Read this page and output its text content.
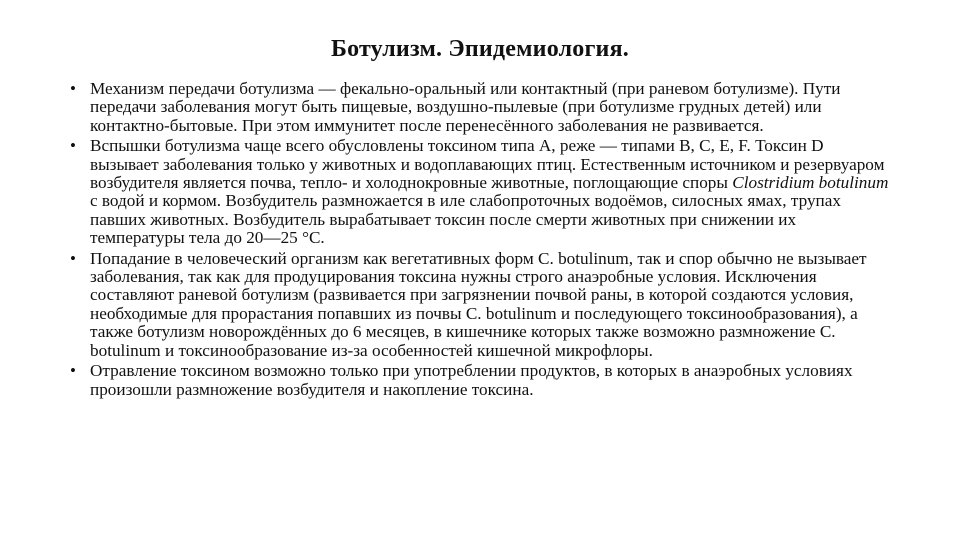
Ботулизм. Эпидемиология.
• Механизм передачи ботулизма — фекально-оральный или контактный (при раневом ботулизме). Пути передачи заболевания могут быть пищевые, воздушно-пылевые (при ботулизме грудных детей) или контактно-бытовые. При этом иммунитет после перенесённого заболевания не развивается.
• Вспышки ботулизма чаще всего обусловлены токсином типа А, реже — типами В, С, Е, F. Токсин D вызывает заболевания только у животных и водоплавающих птиц. Естественным источником и резервуаром возбудителя является почва, тепло- и холоднокровные животные, поглощающие споры Clostridium botulinum с водой и кормом. Возбудитель размножается в иле слабопроточных водоёмов, силосных ямах, трупах павших животных. Возбудитель вырабатывает токсин после смерти животных при снижении их температуры тела до 20—25 °С.
• Попадание в человеческий организм как вегетативных форм C. botulinum, так и спор обычно не вызывает заболевания, так как для продуцирования токсина нужны строго анаэробные условия. Исключения составляют раневой ботулизм (развивается при загрязнении почвой раны, в которой создаются условия, необходимые для прорастания попавших из почвы C. botulinum и последующего токсинообразования), а также ботулизм новорождённых до 6 месяцев, в кишечнике которых также возможно размножение C. botulinum и токсинообразование из-за особенностей кишечной микрофлоры.
• Отравление токсином возможно только при употреблении продуктов, в которых в анаэробных условиях произошли размножение возбудителя и накопление токсина.
